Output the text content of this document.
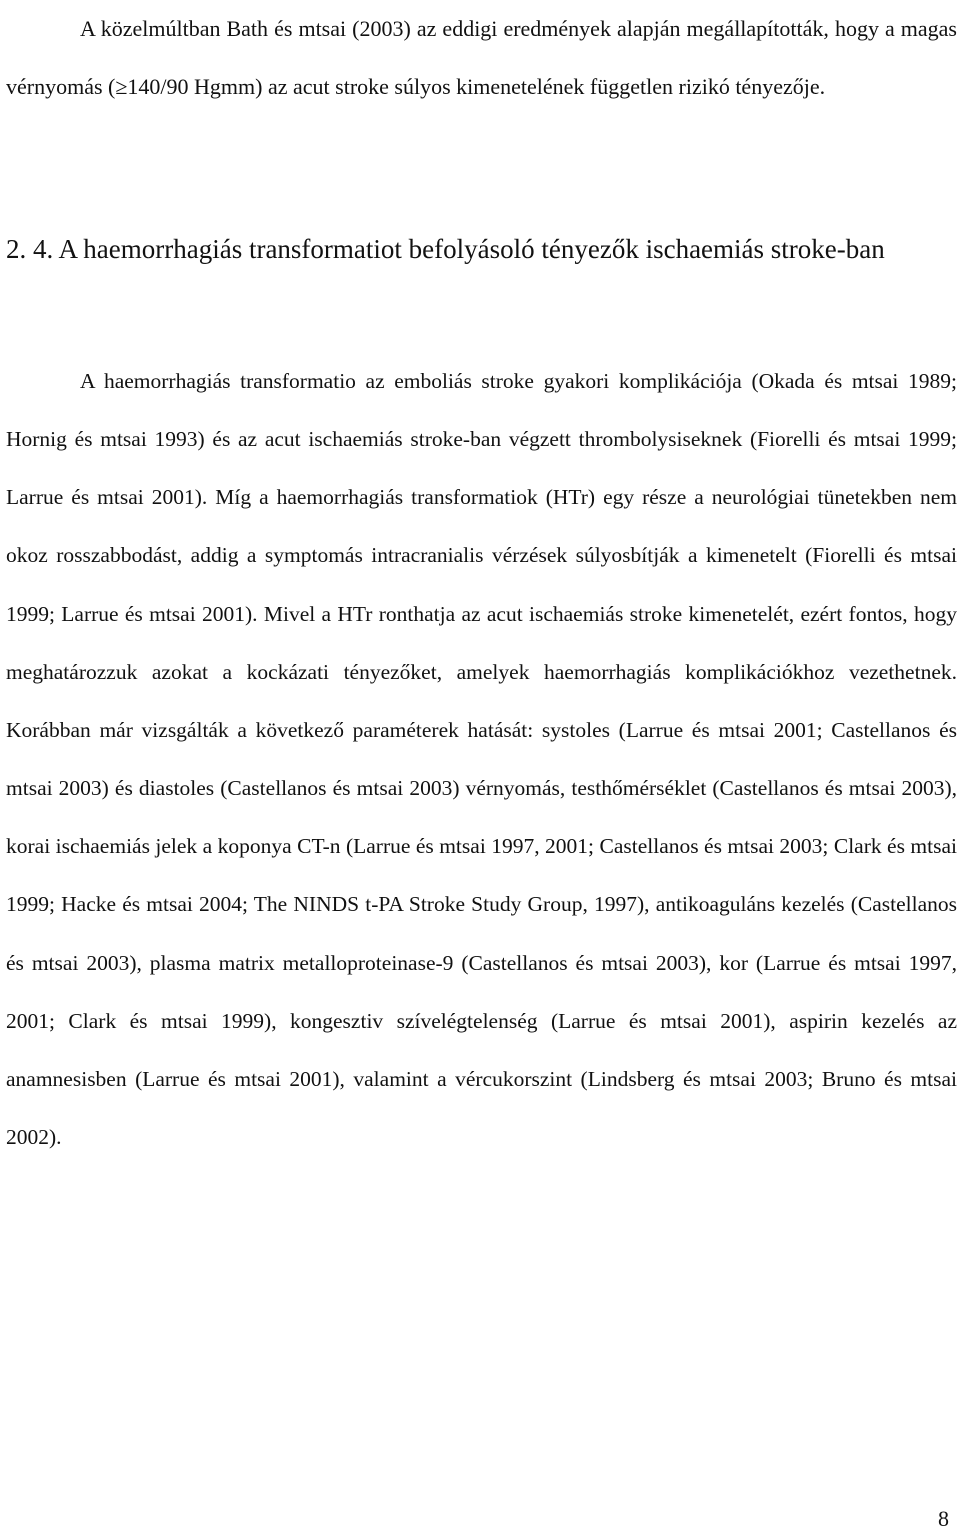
A közelmúltban Bath és mtsai (2003) az eddigi eredmények alapján megállapították, hogy a magas vérnyomás (≥140/90 Hgmm) az acut stroke súlyos kimenetelének független rizikó tényezője.

2. 4. A haemorrhagiás transformatiot befolyásoló tényezők ischaemiás stroke-ban

A haemorrhagiás transformatio az emboliás stroke gyakori komplikációja (Okada és mtsai 1989; Hornig és mtsai 1993) és az acut ischaemiás stroke-ban végzett thrombolysiseknek (Fiorelli és mtsai 1999; Larrue és mtsai 2001). Míg a haemorrhagiás transformatiok (HTr) egy része a neurológiai tünetekben nem okoz rosszabbodást, addig a symptomás intracranialis vérzések súlyosbítják a kimenetelt (Fiorelli és mtsai 1999; Larrue és mtsai 2001). Mivel a HTr ronthatja az acut ischaemiás stroke kimenetelét, ezért fontos, hogy meghatározzuk azokat a kockázati tényezőket, amelyek haemorrhagiás komplikációkhoz vezethetnek. Korábban már vizsgálták a következő paraméterek hatását: systoles (Larrue és mtsai 2001; Castellanos és mtsai 2003) és diastoles (Castellanos és mtsai 2003) vérnyomás, testhőmérséklet (Castellanos és mtsai 2003), korai ischaemiás jelek a koponya CT-n (Larrue és mtsai 1997, 2001; Castellanos és mtsai 2003; Clark és mtsai 1999; Hacke és mtsai 2004; The NINDS t-PA Stroke Study Group, 1997), antikoaguláns kezelés (Castellanos és mtsai 2003), plasma matrix metalloproteinase-9 (Castellanos és mtsai 2003), kor (Larrue és mtsai 1997, 2001; Clark és mtsai 1999), kongesztiv szívelégtelenség (Larrue és mtsai 2001), aspirin kezelés az anamnesisben (Larrue és mtsai 2001), valamint a vércukorszint (Lindsberg és mtsai 2003; Bruno és mtsai 2002).

8
